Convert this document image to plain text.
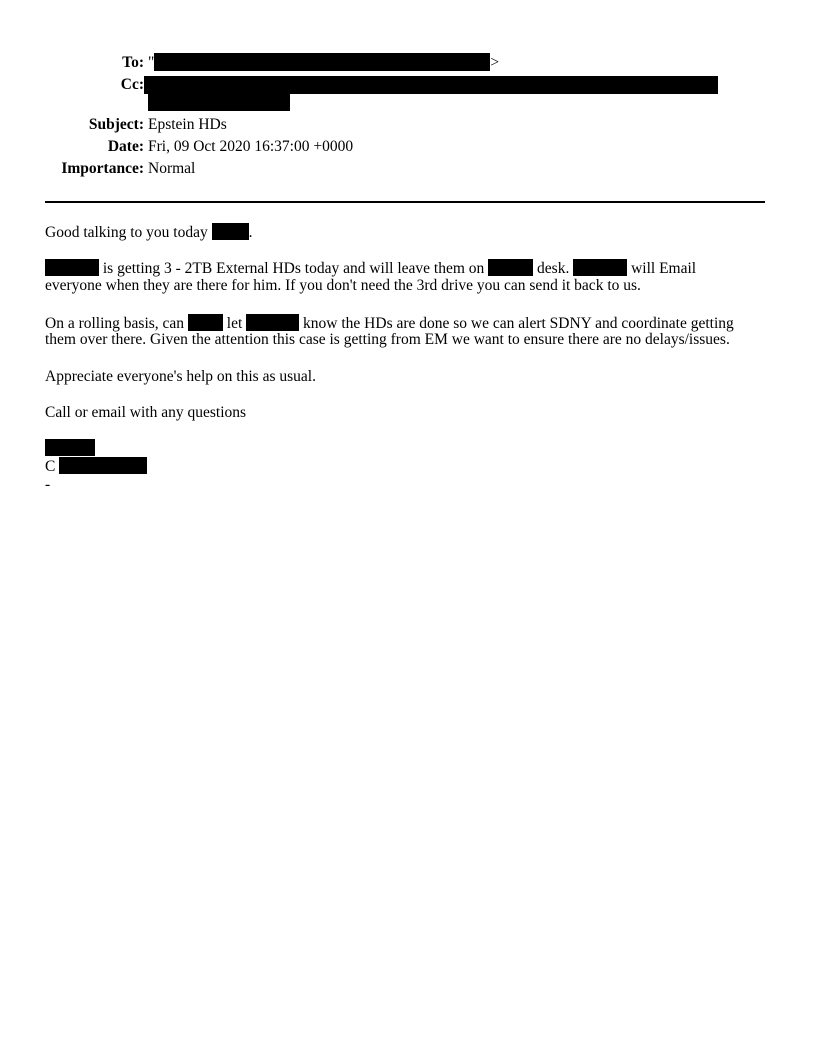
To: "	>
Cc:
Subject: Epstein HDs
Date: Fri, 09 Oct 2020 16:37:00 +0000
Importance: Normal
Good talking to you today	.
is getting 3 - 2TB External HDs today and will leave them on	desk.	will Email
everyone when they are there for him. If you don't need the 3rd drive you can send it back to us.
On a rolling basis, can	let	know the HDs are done so we can alert SDNY and coordinate getting
them over there. Given the attention this case is getting from EM we want to ensure there are no delays/issues.
Appreciate everyone's help on this as usual.
Call or email with any questions
C
-
